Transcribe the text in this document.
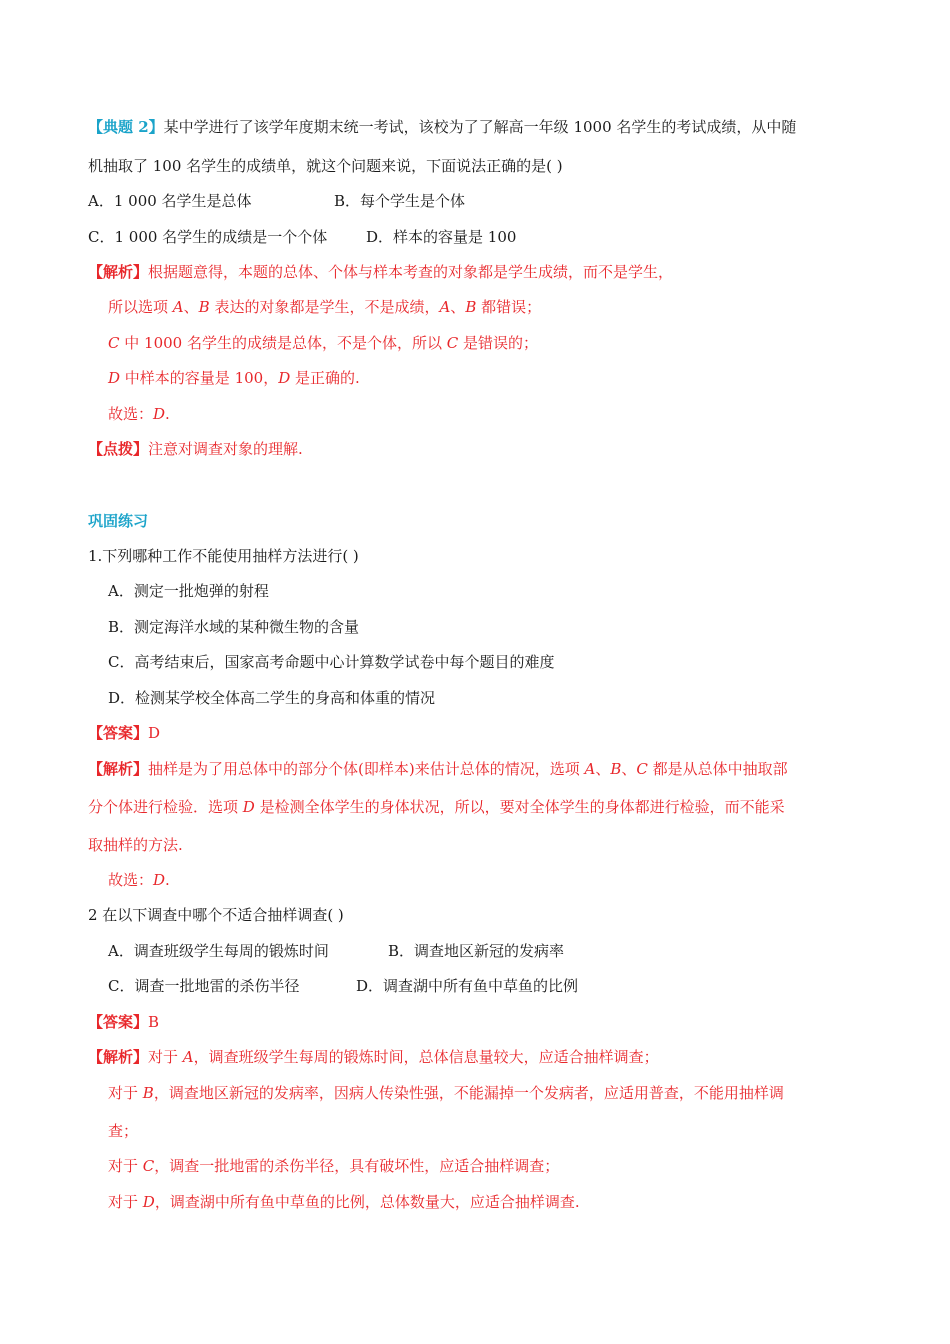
【典题 2】某中学进行了该学年度期末统一考试，该校为了了解高一年级 1000 名学生的考试成绩，从中随
机抽取了 100 名学生的成绩单，就这个问题来说，下面说法正确的是( )
A．1 000 名学生是总体	B．每个学生是个体
C．1 000 名学生的成绩是一个个体	D．样本的容量是 100
【解析】根据题意得，本题的总体、个体与样本考查的对象都是学生成绩，而不是学生，
所以选项 A、B 表达的对象都是学生，不是成绩，A、B 都错误；
C 中 1000 名学生的成绩是总体，不是个体，所以 C 是错误的；
D 中样本的容量是 100，D 是正确的.
故选：D.
【点拨】注意对调查对象的理解.
巩固练习
1.下列哪种工作不能使用抽样方法进行( )
A．测定一批炮弹的射程
B．测定海洋水域的某种微生物的含量
C．高考结束后，国家高考命题中心计算数学试卷中每个题目的难度
D．检测某学校全体高二学生的身高和体重的情况
【答案】D
【解析】抽样是为了用总体中的部分个体(即样本)来估计总体的情况，选项 A、B、C 都是从总体中抽取部
分个体进行检验．选项 D 是检测全体学生的身体状况，所以，要对全体学生的身体都进行检验，而不能采
取抽样的方法.
故选：D.
2 在以下调查中哪个不适合抽样调查( )
A．调查班级学生每周的锻炼时间	B．调查地区新冠的发病率
C．调查一批地雷的杀伤半径	D．调查湖中所有鱼中草鱼的比例
【答案】B
【解析】对于 A，调查班级学生每周的锻炼时间，总体信息量较大，应适合抽样调查；
对于 B，调查地区新冠的发病率，因病人传染性强，不能漏掉一个发病者，应适用普查，不能用抽样调
查；
对于 C，调查一批地雷的杀伤半径，具有破坏性，应适合抽样调查；
对于 D，调查湖中所有鱼中草鱼的比例，总体数量大，应适合抽样调查.
